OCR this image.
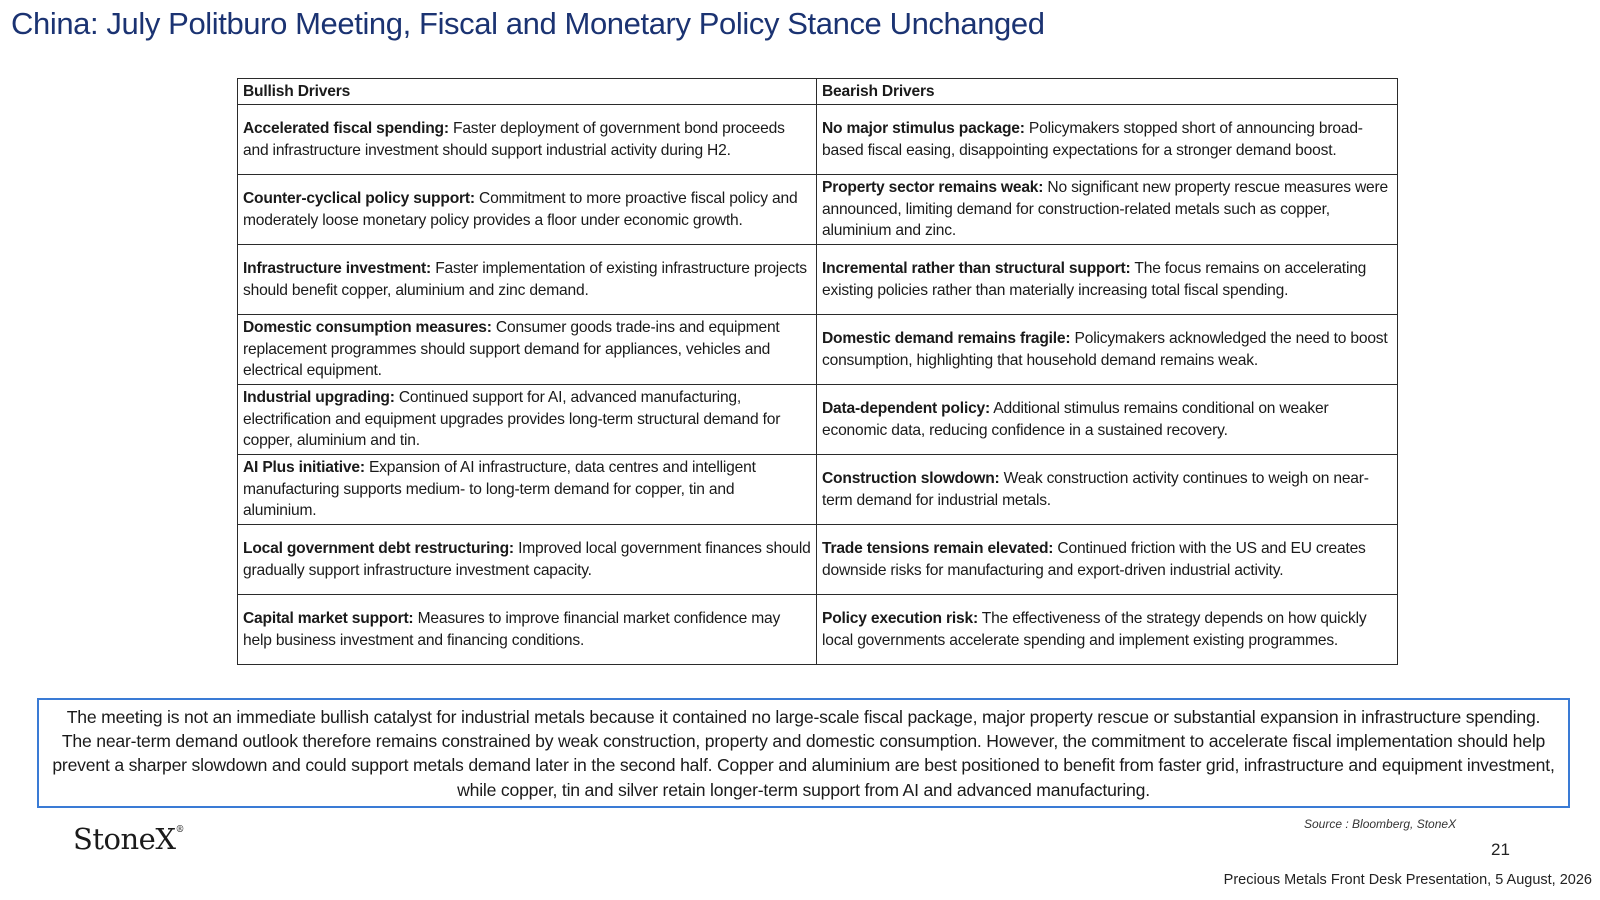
China: July Politburo Meeting, Fiscal and Monetary Policy Stance Unchanged
Bullish Drivers	Bearish Drivers
Accelerated fiscal spending: Faster deployment of government bond proceeds and infrastructure investment should support industrial activity during H2.	No major stimulus package: Policymakers stopped short of announcing broad-based fiscal easing, disappointing expectations for a stronger demand boost.
Counter-cyclical policy support: Commitment to more proactive fiscal policy and moderately loose monetary policy provides a floor under economic growth.	Property sector remains weak: No significant new property rescue measures were announced, limiting demand for construction-related metals such as copper, aluminium and zinc.
Infrastructure investment: Faster implementation of existing infrastructure projects should benefit copper, aluminium and zinc demand.	Incremental rather than structural support: The focus remains on accelerating existing policies rather than materially increasing total fiscal spending.
Domestic consumption measures: Consumer goods trade-ins and equipment replacement programmes should support demand for appliances, vehicles and electrical equipment.	Domestic demand remains fragile: Policymakers acknowledged the need to boost consumption, highlighting that household demand remains weak.
Industrial upgrading: Continued support for AI, advanced manufacturing, electrification and equipment upgrades provides long-term structural demand for copper, aluminium and tin.	Data-dependent policy: Additional stimulus remains conditional on weaker economic data, reducing confidence in a sustained recovery.
AI Plus initiative: Expansion of AI infrastructure, data centres and intelligent manufacturing supports medium- to long-term demand for copper, tin and aluminium.	Construction slowdown: Weak construction activity continues to weigh on near-term demand for industrial metals.
Local government debt restructuring: Improved local government finances should gradually support infrastructure investment capacity.	Trade tensions remain elevated: Continued friction with the US and EU creates downside risks for manufacturing and export-driven industrial activity.
Capital market support: Measures to improve financial market confidence may help business investment and financing conditions.	Policy execution risk: The effectiveness of the strategy depends on how quickly local governments accelerate spending and implement existing programmes.
The meeting is not an immediate bullish catalyst for industrial metals because it contained no large-scale fiscal package, major property rescue or substantial expansion in infrastructure spending. The near-term demand outlook therefore remains constrained by weak construction, property and domestic consumption. However, the commitment to accelerate fiscal implementation should help prevent a sharper slowdown and could support metals demand later in the second half. Copper and aluminium are best positioned to benefit from faster grid, infrastructure and equipment investment, while copper, tin and silver retain longer-term support from AI and advanced manufacturing.
StoneX®	Source : Bloomberg, StoneX
21
Precious Metals Front Desk Presentation, 5 August, 2026
